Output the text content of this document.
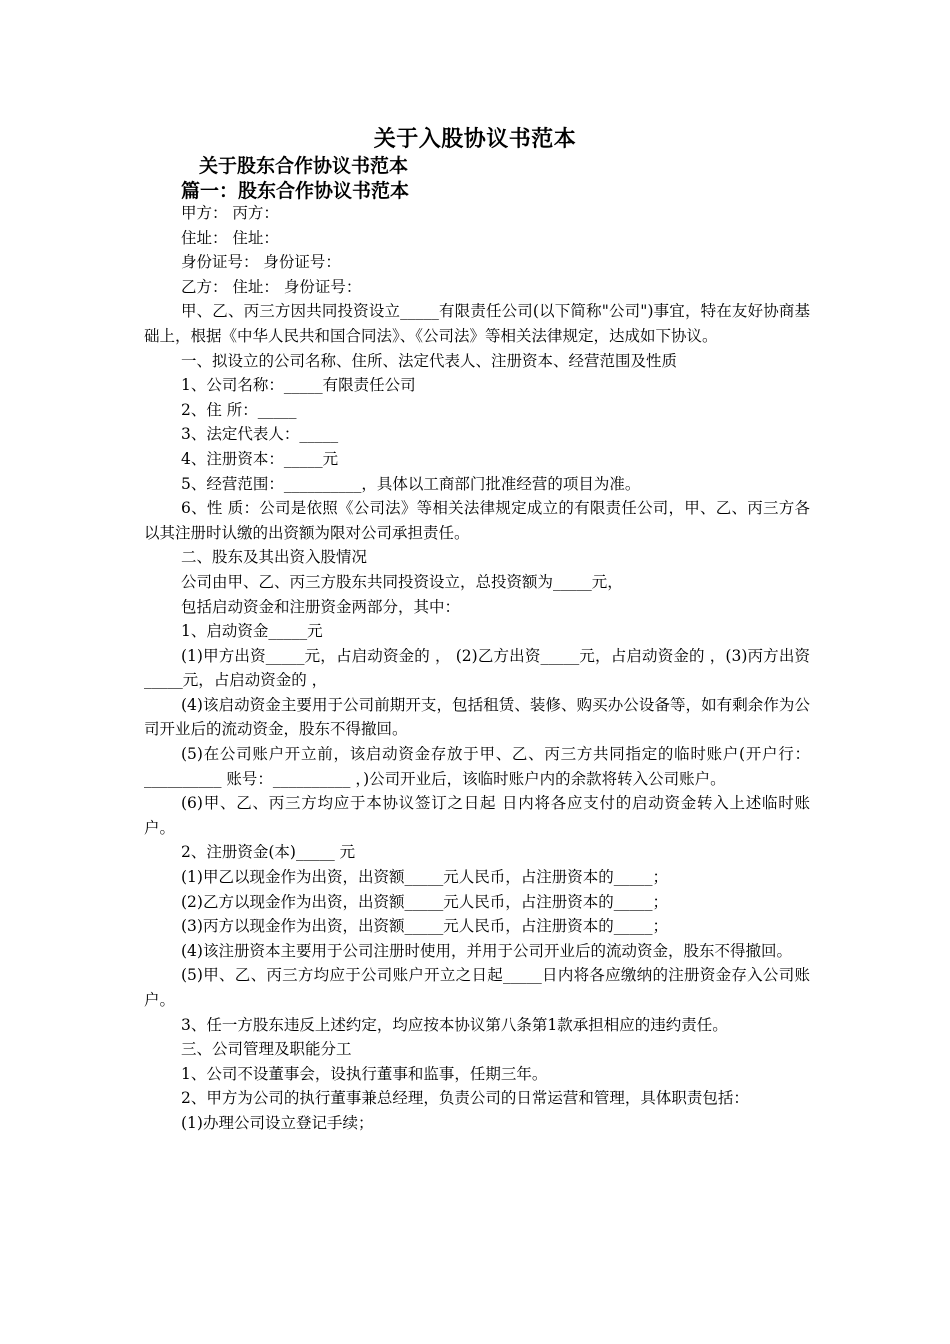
关于入股协议书范本
关于股东合作协议书范本
篇一：股东合作协议书范本

甲方： 丙方：

住址： 住址：

身份证号： 身份证号：

乙方： 住址： 身份证号：

甲、乙、丙三方因共同投资设立_____有限责任公司(以下简称"公司")事宜，特在友好协商基础上，根据《中华人民共和国合同法》、《公司法》等相关法律规定，达成如下协议。

一、拟设立的公司名称、住所、法定代表人、注册资本、经营范围及性质

1、公司名称：_____有限责任公司

2、住 所：_____

3、法定代表人：_____

4、注册资本：_____元

5、经营范围：__________，具体以工商部门批准经营的项目为准。

6、性 质：公司是依照《公司法》等相关法律规定成立的有限责任公司，甲、乙、丙三方各以其注册时认缴的出资额为限对公司承担责任。

二、股东及其出资入股情况

公司由甲、乙、丙三方股东共同投资设立，总投资额为_____元，

包括启动资金和注册资金两部分，其中：

1、启动资金_____元

(1)甲方出资_____元，占启动资金的 ， (2)乙方出资_____元，占启动资金的 ，(3)丙方出资_____元，占启动资金的 ，

(4)该启动资金主要用于公司前期开支，包括租赁、装修、购买办公设备等，如有剩余作为公司开业后的流动资金，股东不得撤回。

(5)在公司账户开立前，该启动资金存放于甲、乙、丙三方共同指定的临时账户(开户行：__________ 账号：__________ ，)公司开业后，该临时账户内的余款将转入公司账户。

(6)甲、乙、丙三方均应于本协议签订之日起 日内将各应支付的启动资金转入上述临时账户。

2、注册资金(本)_____ 元

(1)甲乙以现金作为出资，出资额_____元人民币，占注册资本的_____；

(2)乙方以现金作为出资，出资额_____元人民币，占注册资本的_____；

(3)丙方以现金作为出资，出资额_____元人民币，占注册资本的_____；

(4)该注册资本主要用于公司注册时使用，并用于公司开业后的流动资金，股东不得撤回。

(5)甲、乙、丙三方均应于公司账户开立之日起_____日内将各应缴纳的注册资金存入公司账户。

3、任一方股东违反上述约定，均应按本协议第八条第1款承担相应的违约责任。

三、公司管理及职能分工

1、公司不设董事会，设执行董事和监事，任期三年。

2、甲方为公司的执行董事兼总经理，负责公司的日常运营和管理，具体职责包括：

(1)办理公司设立登记手续；
